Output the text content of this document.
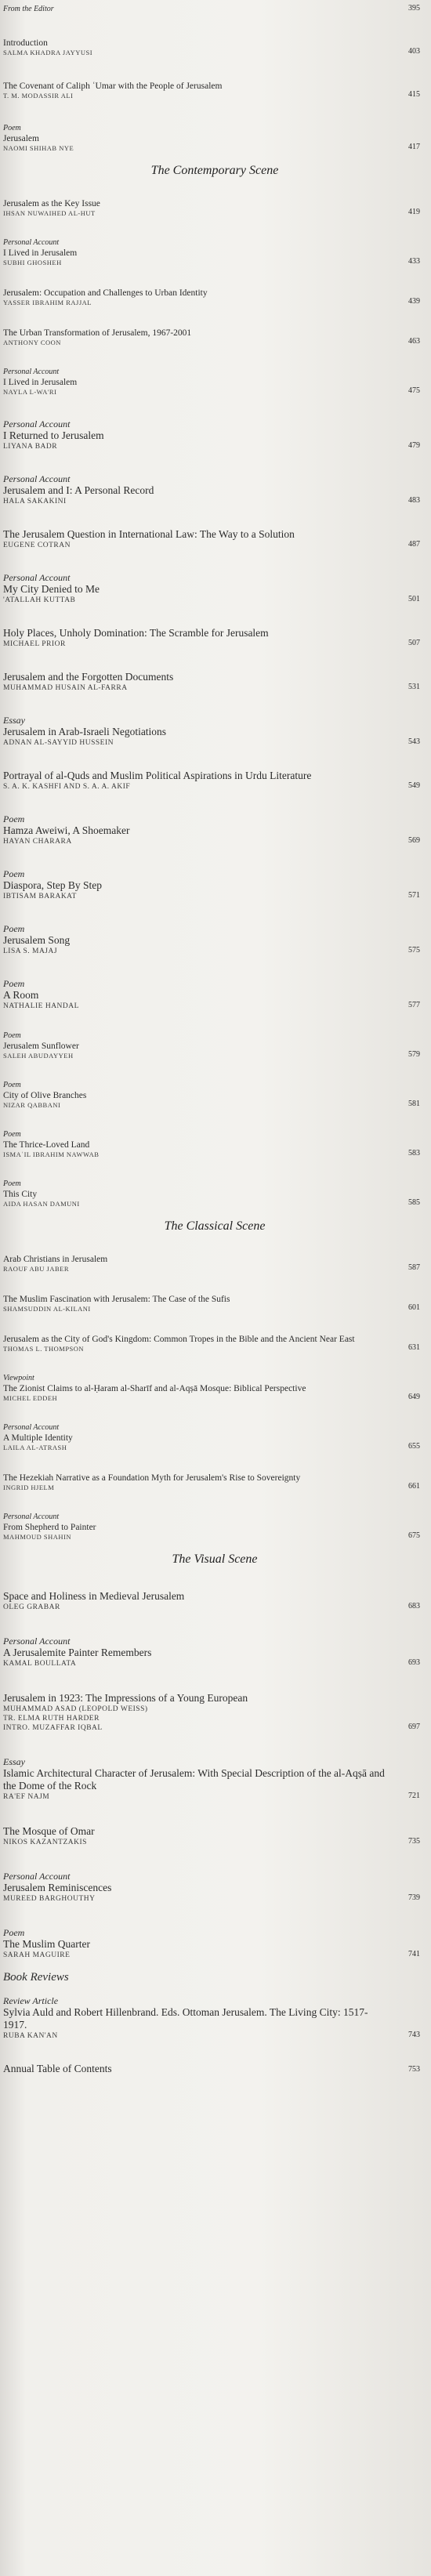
From the Editor	395
Introduction
SALMA KHADRA JAYYUSI	403
The Covenant of Caliph ʿUmar with the People of Jerusalem
T. M. MODASSIR ALI	415
Poem
Jerusalem
NAOMI SHIHAB NYE	417
The Contemporary Scene
Jerusalem as the Key Issue
IHSAN NUWAIHED AL-HUT	419
Personal Account
I Lived in Jerusalem
SUBHI GHOSHEH	433
Jerusalem: Occupation and Challenges to Urban Identity
YASSER IBRAHIM RAJJAL	439
The Urban Transformation of Jerusalem, 1967-2001
ANTHONY COON	463
Personal Account
I Lived in Jerusalem
NAYLA L-WA'RI	475
Personal Account
I Returned to Jerusalem
LIYANA BADR	479
Personal Account
Jerusalem and I: A Personal Record
HALA SAKAKINI	483
The Jerusalem Question in International Law: The Way to a Solution
EUGENE COTRAN	487
Personal Account
My City Denied to Me
'ATALLAH KUTTAB	501
Holy Places, Unholy Domination: The Scramble for Jerusalem
MICHAEL PRIOR	507
Jerusalem and the Forgotten Documents
MUHAMMAD HUSAIN AL-FARRA	531
Essay
Jerusalem in Arab-Israeli Negotiations
ADNAN AL-SAYYID HUSSEIN	543
Portrayal of al-Quds and Muslim Political Aspirations in Urdu Literature
S. A. K. KASHFI AND S. A. A. AKIF	549
Poem
Hamza Aweiwi, A Shoemaker
HAYAN CHARARA	569
Poem
Diaspora, Step By Step
IBTISAM BARAKAT	571
Poem
Jerusalem Song
LISA S. MAJAJ	575
Poem
A Room
NATHALIE HANDAL	577
Poem
Jerusalem Sunflower
SALEH ABUDAYYEH	579
Poem
City of Olive Branches
NIZAR QABBANI	581
Poem
The Thrice-Loved Land
ISMAʿIL IBRAHIM NAWWAB	583
Poem
This City
AIDA HASAN DAMUNI	585
The Classical Scene
Arab Christians in Jerusalem
RAOUF ABU JABER	587
The Muslim Fascination with Jerusalem: The Case of the Sufis
SHAMSUDDIN AL-KILANI	601
Jerusalem as the City of God's Kingdom: Common Tropes in the Bible and the Ancient Near East
THOMAS L. THOMPSON	631
Viewpoint
The Zionist Claims to al-Ḥaram al-Sharīf and al-Aqṣā Mosque: Biblical Perspective
MICHEL EDDEH	649
Personal Account
A Multiple Identity
LAILA AL-ATRASH	655
The Hezekiah Narrative as a Foundation Myth for Jerusalem's Rise to Sovereignty
INGRID HJELM	661
Personal Account
From Shepherd to Painter
MAHMOUD SHAHIN	675
The Visual Scene
Space and Holiness in Medieval Jerusalem
OLEG GRABAR	683
Personal Account
A Jerusalemite Painter Remembers
KAMAL BOULLATA	693
Jerusalem in 1923: The Impressions of a Young European
MUHAMMAD ASAD (LEOPOLD WEISS)
TR. ELMA RUTH HARDER
INTRO. MUZAFFAR IQBAL	697
Essay
Islamic Architectural Character of Jerusalem: With Special Description of the al-Aqṣā and the Dome of the Rock
RA'EF NAJM	721
The Mosque of Omar
NIKOS KAZANTZAKIS	735
Personal Account
Jerusalem Reminiscences
MUREED BARGHOUTHY	739
Poem
The Muslim Quarter
SARAH MAGUIRE	741
Book Reviews
Review Article
Sylvia Auld and Robert Hillenbrand. Eds. Ottoman Jerusalem. The Living City: 1517-1917.
RUBA KAN'AN	743
Annual Table of Contents	753
